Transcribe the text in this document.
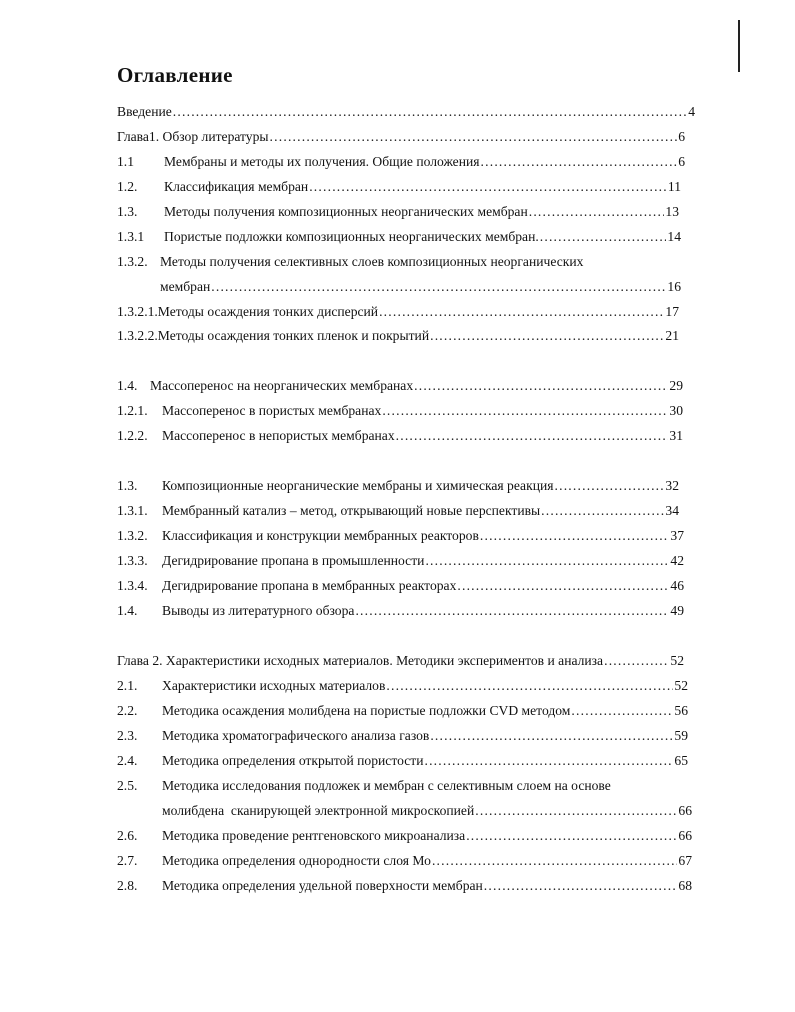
Оглавление
Введение .....	4
Глава1. Обзор литературы .....	6
1.1	Мембраны и методы их получения. Общие положения .....	6
1.2.	Классификация мембран .....	11
1.3.	Методы получения композиционных неорганических мембран .....	13
1.3.1	Пористые подложки композиционных неорганических мембран. .....	14
1.3.2. Методы получения селективных слоев композиционных неорганических
мембран .....	16
1.3.2.1. Методы осаждения тонких дисперсий .....	17
1.3.2.2. Методы осаждения тонких пленок и покрытий .....	21
1.4. Массоперенос на неорганических мембранах .....	29
1.2.1.	Массоперенос в пористых мембранах .....	30
1.2.2.	Массоперенос в непористых мембранах .....	31
1.3.	Композиционные неорганические мембраны и химическая реакция .....	32
1.3.1.	Мембранный катализ – метод, открывающий новые перспективы .....	34
1.3.2.	Классификация и конструкции мембранных реакторов .....	37
1.3.3.	Дегидрирование пропана в промышленности .....	42
1.3.4.	Дегидрирование пропана в мембранных реакторах .....	46
1.4.	Выводы из литературного обзора .....	49
Глава 2. Характеристики исходных материалов. Методики экспериментов и анализа .....	52
2.1.	Характеристики исходных материалов .....	52
2.2.	Методика осаждения молибдена на пористые подложки CVD методом .....	56
2.3.	Методика хроматографического анализа газов .....	59
2.4.	Методика определения открытой пористости .....	65
2.5.	Методика исследования подложек и мембран с селективным слоем на основе
молибдена  сканирующей электронной микроскопией .....	66
2.6.	Методика проведение рентгеновского микроанализа .....	66
2.7.	Методика определения однородности слоя Мо .....	67
2.8.	Методика определения удельной поверхности мембран .....	68
